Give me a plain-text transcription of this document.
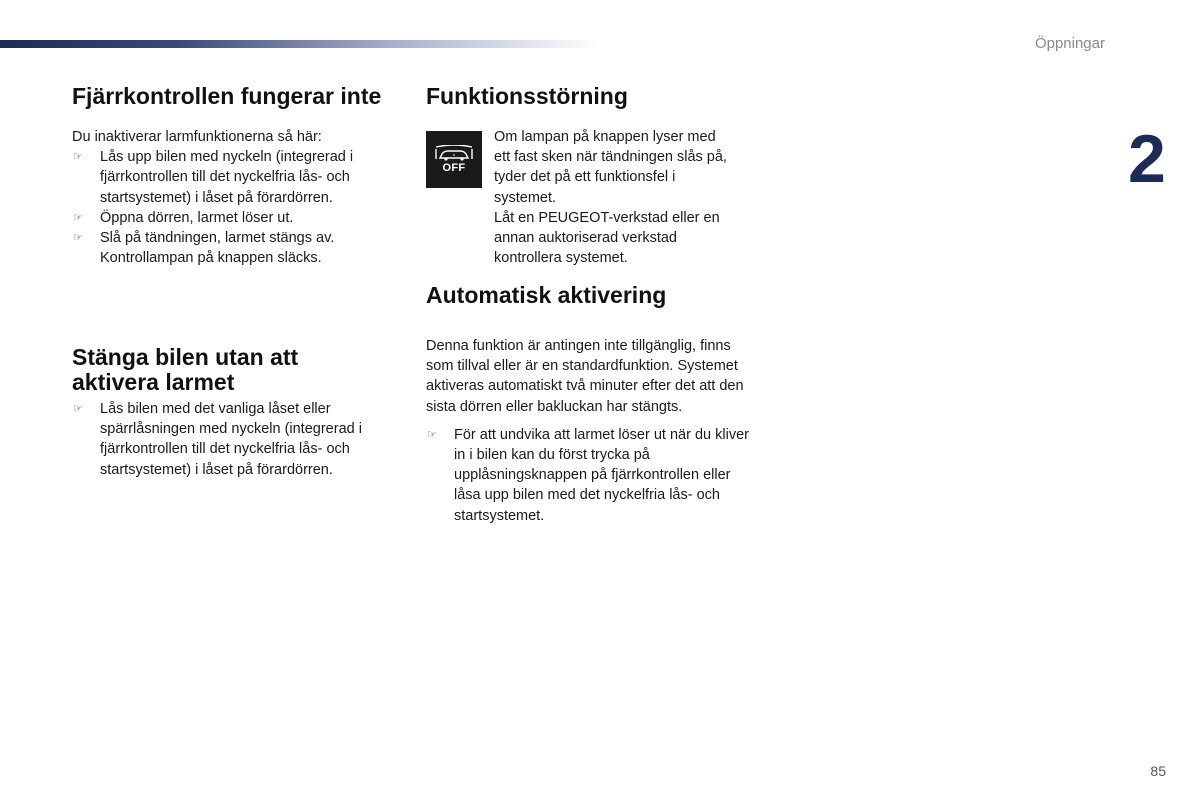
Öppningar
2
Fjärrkontrollen fungerar inte

Du inaktiverar larmfunktionerna så här:

☞ Lås upp bilen med nyckeln (integrerad i fjärrkontrollen till det nyckelfria lås- och startsystemet) i låset på förardörren.
☞ Öppna dörren, larmet löser ut.
☞ Slå på tändningen, larmet stängs av. Kontrollampan på knappen släcks.
Stänga bilen utan att aktivera larmet
☞ Lås bilen med det vanliga låset eller spärrlåsningen med nyckeln (integrerad i fjärrkontrollen till det nyckelfria lås- och startsystemet) i låset på förardörren.
Funktionsstörning
OFF

Om lampan på knappen lyser med ett fast sken när tändningen slås på, tyder det på ett funktionsfel i systemet.

Låt en PEUGEOT-verkstad eller en annan auktoriserad verkstad kontrollera systemet.

Automatisk aktivering

Denna funktion är antingen inte tillgänglig, finns som tillval eller är en standardfunktion. Systemet aktiveras automatiskt två minuter efter det att den sista dörren eller bakluckan har stängts.

☞ För att undvika att larmet löser ut när du kliver in i bilen kan du först trycka på upplåsningsknappen på fjärrkontrollen eller låsa upp bilen med det nyckelfria lås- och startsystemet.
85
